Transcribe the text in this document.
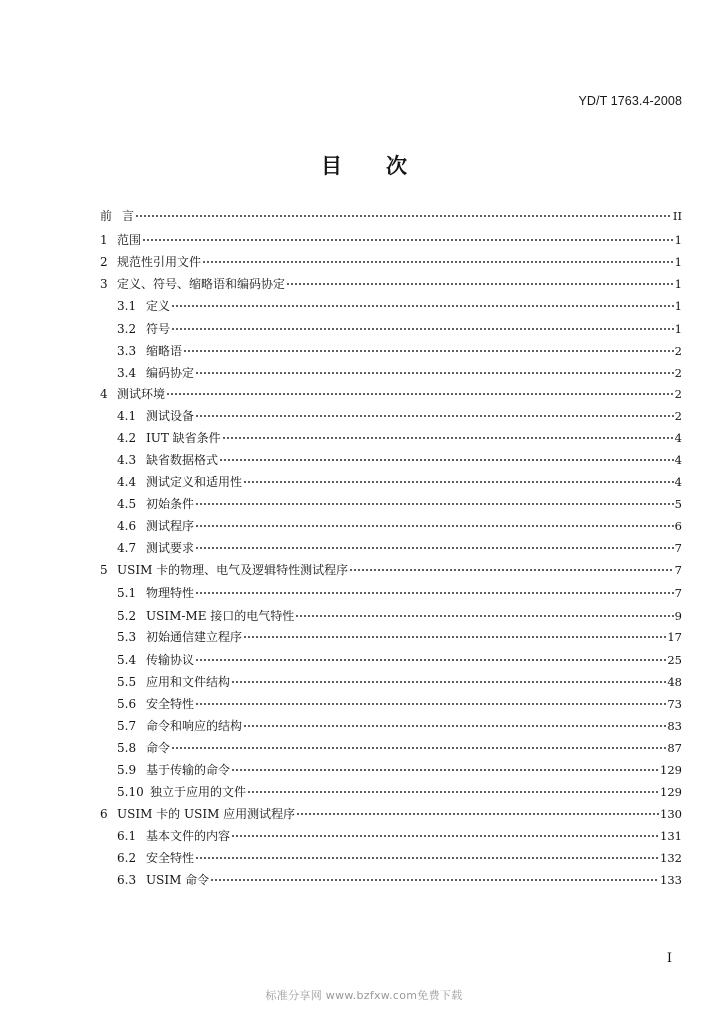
YD/T 1763.4-2008
目 次
前 言	II
1 范围	1
2 规范性引用文件	1
3 定义、符号、缩略语和编码协定	1
3.1 定义	1
3.2 符号	1
3.3 缩略语	2
3.4 编码协定	2
4 测试环境	2
4.1 测试设备	2
4.2 IUT 缺省条件	4
4.3 缺省数据格式	4
4.4 测试定义和适用性	4
4.5 初始条件	5
4.6 测试程序	6
4.7 测试要求	7
5 USIM 卡的物理、电气及逻辑特性测试程序	7
5.1 物理特性	7
5.2 USIM-ME 接口的电气特性	9
5.3 初始通信建立程序	17
5.4 传输协议	25
5.5 应用和文件结构	48
5.6 安全特性	73
5.7 命令和响应的结构	83
5.8 命令	87
5.9 基于传输的命令	129
5.10 独立于应用的文件	129
6 USIM 卡的 USIM 应用测试程序	130
6.1 基本文件的内容	131
6.2 安全特性	132
6.3 USIM 命令	133
I
标准分享网 www.bzfxw.com免费下载
